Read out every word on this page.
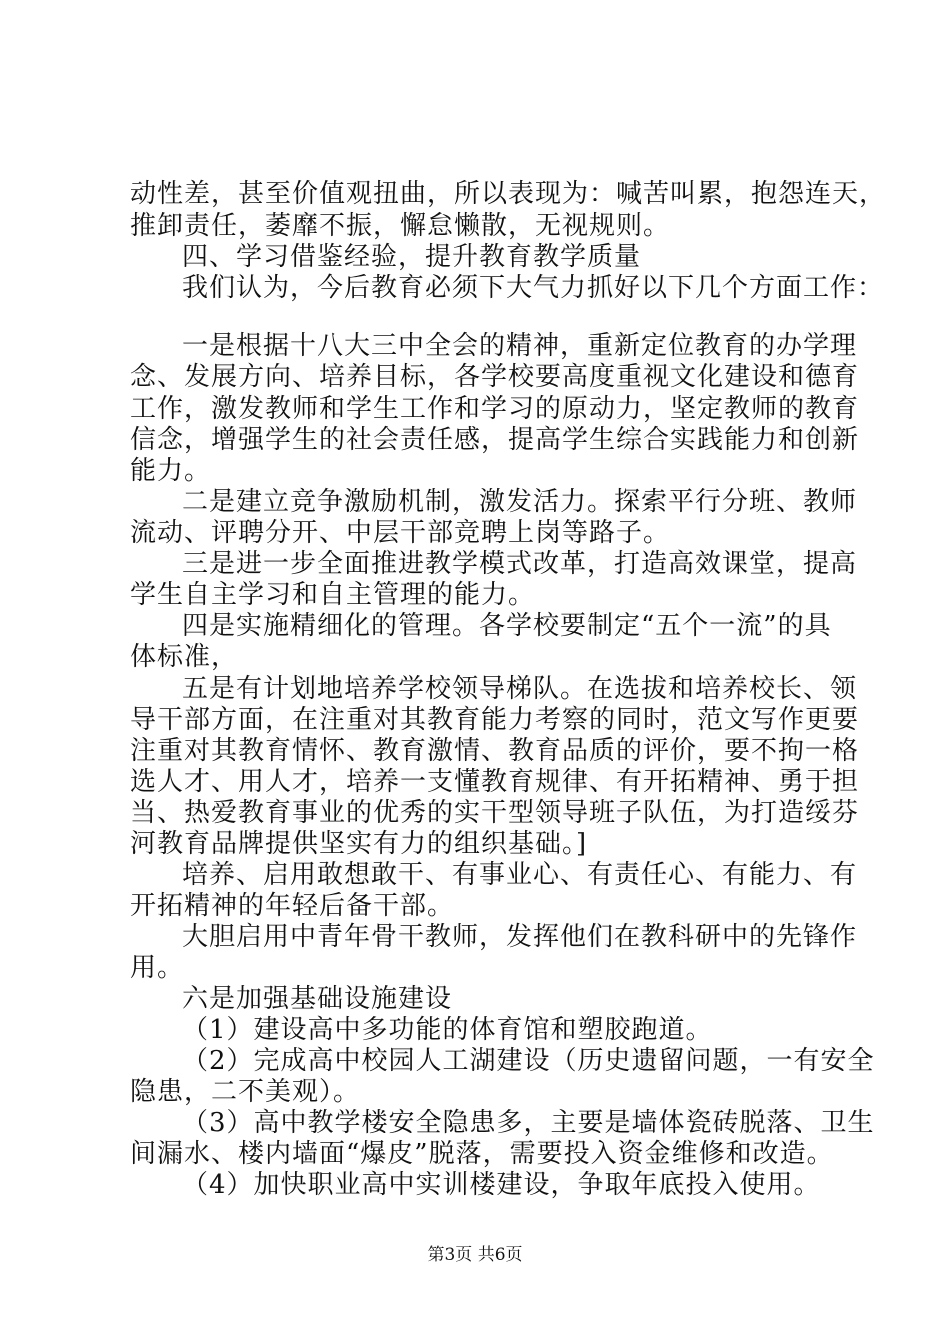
动性差，甚至价值观扭曲，所以表现为：喊苦叫累，抱怨连天，
推卸责任，萎靡不振，懈怠懒散，无视规则。
四、学习借鉴经验，提升教育教学质量
我们认为，今后教育必须下大气力抓好以下几个方面工作：
一是根据十八大三中全会的精神，重新定位教育的办学理
念、发展方向、培养目标，各学校要高度重视文化建设和德育
工作，激发教师和学生工作和学习的原动力，坚定教师的教育
信念，增强学生的社会责任感，提高学生综合实践能力和创新
能力。
二是建立竞争激励机制，激发活力。探索平行分班、教师
流动、评聘分开、中层干部竞聘上岗等路子。
三是进一步全面推进教学模式改革，打造高效课堂，提高
学生自主学习和自主管理的能力。
四是实施精细化的管理。各学校要制定“五个一流”的具
体标准，
五是有计划地培养学校领导梯队。在选拔和培养校长、领
导干部方面，在注重对其教育能力考察的同时，范文写作更要
注重对其教育情怀、教育激情、教育品质的评价，要不拘一格
选人才、用人才，培养一支懂教育规律、有开拓精神、勇于担
当、热爱教育事业的优秀的实干型领导班子队伍，为打造绥芬
河教育品牌提供坚实有力的组织基础。]
培养、启用敢想敢干、有事业心、有责任心、有能力、有
开拓精神的年轻后备干部。
大胆启用中青年骨干教师，发挥他们在教科研中的先锋作
用。
六是加强基础设施建设
（1）建设高中多功能的体育馆和塑胶跑道。
（2）完成高中校园人工湖建设（历史遗留问题，一有安全
隐患，二不美观）。
（3）高中教学楼安全隐患多，主要是墙体瓷砖脱落、卫生
间漏水、楼内墙面“爆皮”脱落，需要投入资金维修和改造。
（4）加快职业高中实训楼建设，争取年底投入使用。
第3页 共6页
